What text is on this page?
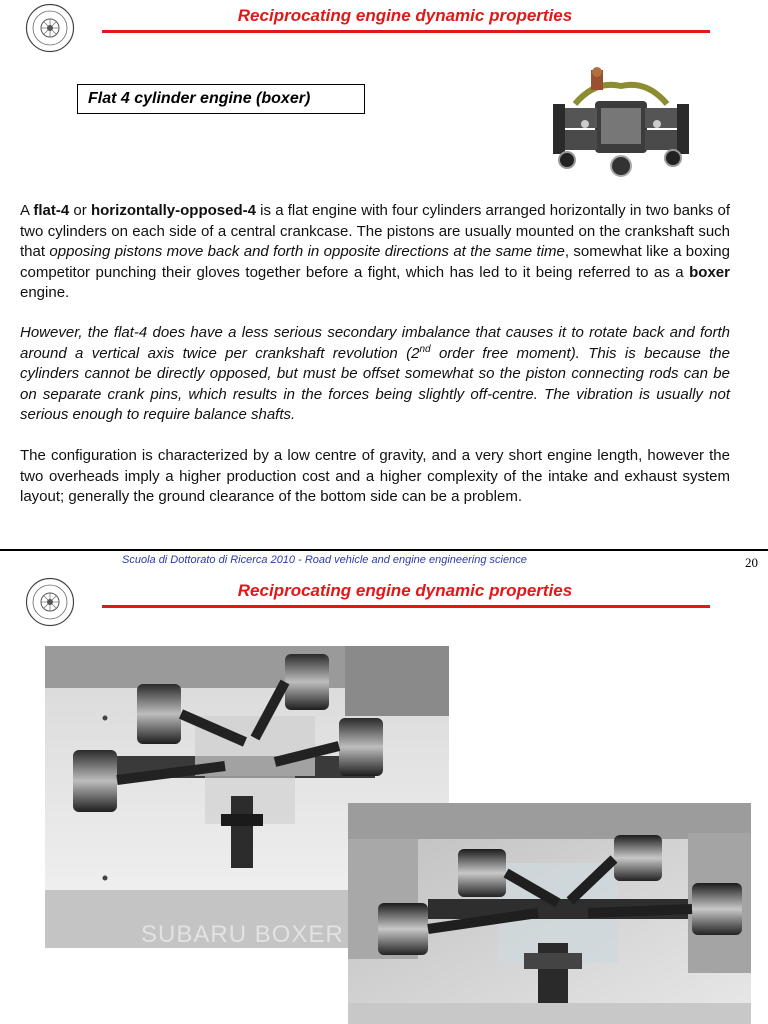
Reciprocating engine dynamic properties
Flat 4 cylinder engine (boxer)
A flat-4 or horizontally-opposed-4 is a flat engine with four cylinders arranged horizontally in two banks of two cylinders on each side of a central crankcase. The pistons are usually mounted on the crankshaft such that opposing pistons move back and forth in opposite directions at the same time, somewhat like a boxing competitor punching their gloves together before a fight, which has led to it being referred to as a boxer engine.
However, the flat-4 does have a less serious secondary imbalance that causes it to rotate back and forth around a vertical axis twice per crankshaft revolution (2nd order free moment). This is because the cylinders cannot be directly opposed, but must be offset somewhat so the piston connecting rods can be on separate crank pins, which results in the forces being slightly off-centre. The vibration is usually not serious enough to require balance shafts.
The configuration is characterized by a low centre of gravity, and a very short engine length, however the two overheads imply a higher production cost and a higher complexity of the intake and exhaust system layout; generally the ground clearance of the bottom side can be a problem.
Scuola di Dottorato di Ricerca 2010 - Road vehicle and engine engineering science	20
Reciprocating engine dynamic properties
SUBARU BOXER
